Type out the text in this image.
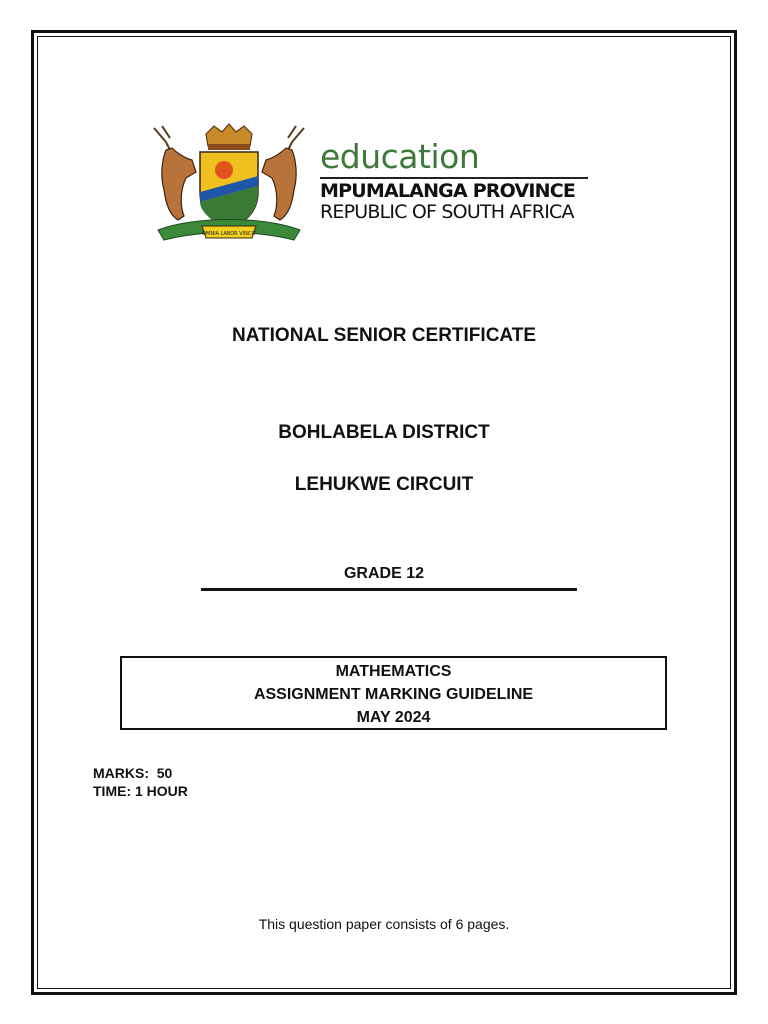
OMNIA LABOR VINCIT
education
MPUMALANGA PROVINCE
REPUBLIC OF SOUTH AFRICA
NATIONAL SENIOR CERTIFICATE
BOHLABELA DISTRICT
LEHUKWE CIRCUIT
GRADE 12
MATHEMATICS
ASSIGNMENT MARKING GUIDELINE
MAY 2024
MARKS:  50
TIME: 1 HOUR
This question paper consists of 6 pages.
